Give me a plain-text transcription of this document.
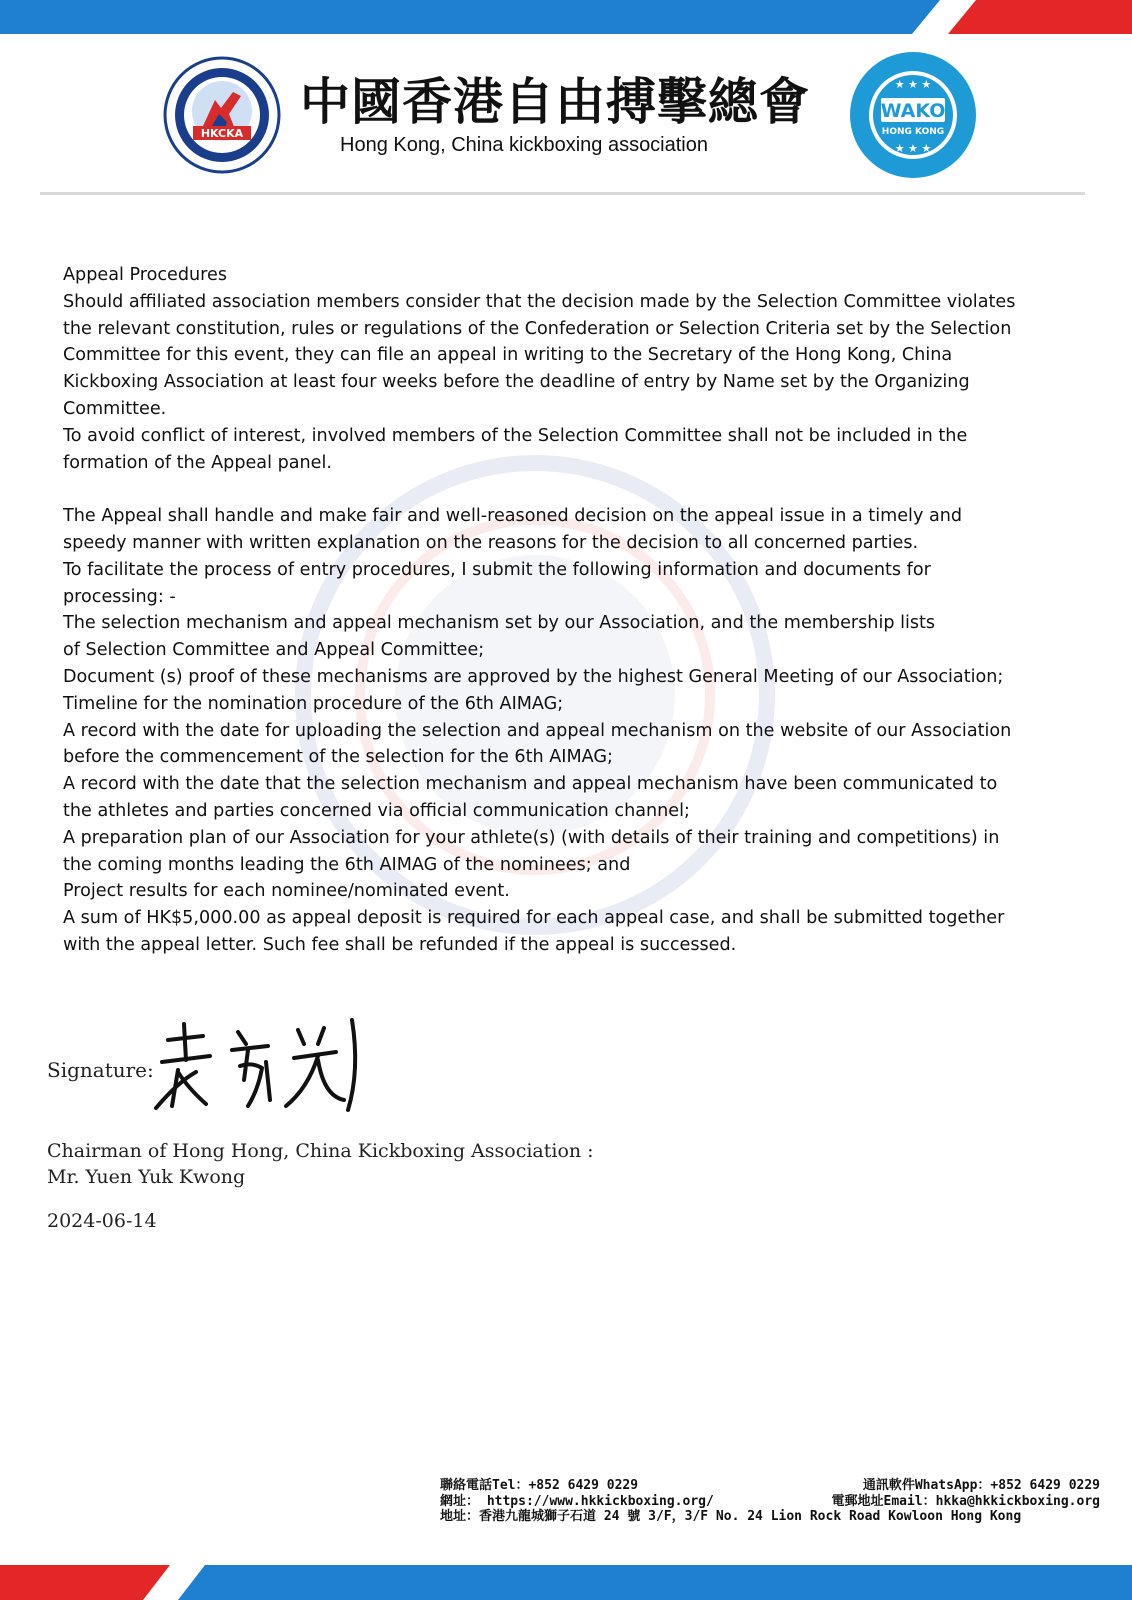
HKCKA
中國香港自由搏擊總會
Hong Kong, China kickboxing association
★ ★ ★
WAKO
HONG KONG
★ ★ ★
Appeal Procedures
Should affiliated association members consider that the decision made by the Selection Committee violates
the relevant constitution, rules or regulations of the Confederation or Selection Criteria set by the Selection
Committee for this event, they can file an appeal in writing to the Secretary of the Hong Kong, China
Kickboxing Association at least four weeks before the deadline of entry by Name set by the Organizing
Committee.
To avoid conflict of interest, involved members of the Selection Committee shall not be included in the
formation of the Appeal panel.
The Appeal shall handle and make fair and well-reasoned decision on the appeal issue in a timely and
speedy manner with written explanation on the reasons for the decision to all concerned parties.
To facilitate the process of entry procedures, I submit the following information and documents for
processing: -
The selection mechanism and appeal mechanism set by our Association, and the membership lists
of Selection Committee and Appeal Committee;
Document (s) proof of these mechanisms are approved by the highest General Meeting of our Association;
Timeline for the nomination procedure of the 6th AIMAG;
A record with the date for uploading the selection and appeal mechanism on the website of our Association
before the commencement of the selection for the 6th AIMAG;
A record with the date that the selection mechanism and appeal mechanism have been communicated to
the athletes and parties concerned via official communication channel;
A preparation plan of our Association for your athlete(s) (with details of their training and competitions) in
the coming months leading the 6th AIMAG of the nominees; and
Project results for each nominee/nominated event.
A sum of HK$5,000.00 as appeal deposit is required for each appeal case, and shall be submitted together
with the appeal letter. Such fee shall be refunded if the appeal is successed.
Signature:
Chairman of Hong Hong, China Kickboxing Association :
Mr. Yuen Yuk Kwong
2024-06-14
聯絡電話Tel：+852 6429 0229	通訊軟件WhatsApp：+852 6429 0229
網址： https://www.hkkickboxing.org/	電郵地址Email：hkka@hkkickboxing.org
地址：香港九龍城獅子石道 24 號 3/F，3/F No. 24 Lion Rock Road Kowloon Hong Kong
